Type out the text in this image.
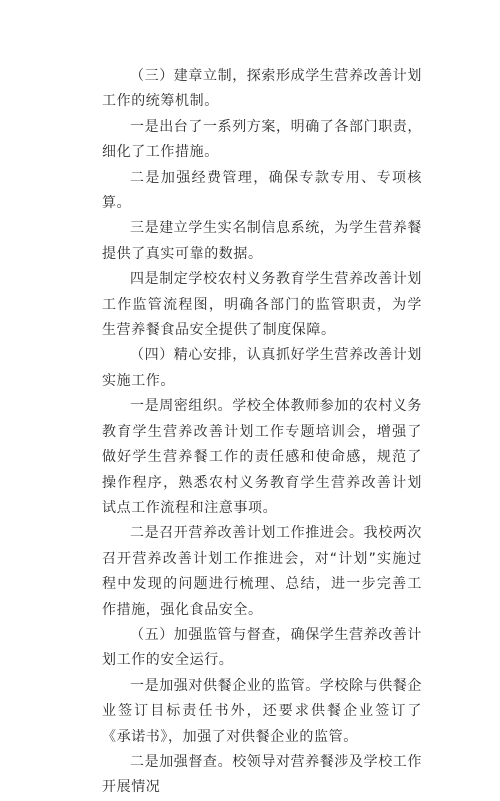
（三）建章立制，探索形成学生营养改善计划工作的统筹机制。

一是出台了一系列方案，明确了各部门职责，细化了工作措施。

二是加强经费管理，确保专款专用、专项核算。

三是建立学生实名制信息系统，为学生营养餐提供了真实可靠的数据。

四是制定学校农村义务教育学生营养改善计划工作监管流程图，明确各部门的监管职责，为学生营养餐食品安全提供了制度保障。

（四）精心安排，认真抓好学生营养改善计划实施工作。

一是周密组织。学校全体教师参加的农村义务教育学生营养改善计划工作专题培训会，增强了做好学生营养餐工作的责任感和使命感，规范了操作程序，熟悉农村义务教育学生营养改善计划试点工作流程和注意事项。

二是召开营养改善计划工作推进会。我校两次召开营养改善计划工作推进会，对“计划”实施过程中发现的问题进行梳理、总结，进一步完善工作措施，强化食品安全。

（五）加强监管与督查，确保学生营养改善计划工作的安全运行。

一是加强对供餐企业的监管。学校除与供餐企业签订目标责任书外，还要求供餐企业签订了《承诺书》，加强了对供餐企业的监管。

二是加强督查。校领导对营养餐涉及学校工作开展情况
